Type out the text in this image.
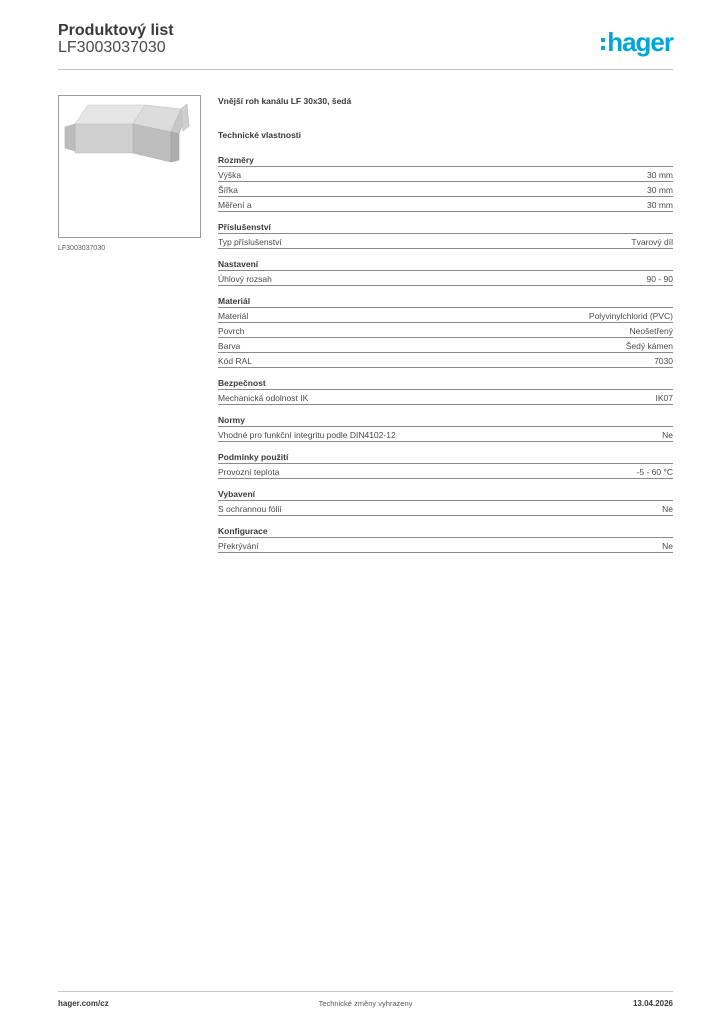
Produktový list
LF3003037030	hager
LF3003037030
Vnější roh kanálu LF 30x30, šedá
Technické vlastnosti
Rozměry
Výška	30 mm
Šířka	30 mm
Měření a	30 mm
Příslušenství
Typ příslušenství	Tvarový díl
Nastavení
Úhlový rozsah	90 - 90
Materiál
Materiál	Polyvinylchlorid (PVC)
Povrch	Neošetřený
Barva	Šedý kámen
Kód RAL	7030
Bezpečnost
Mechanická odolnost IK	IK07
Normy
Vhodné pro funkční integritu podle DIN4102-12	Ne
Podmínky použití
Provozní teplota	-5 - 60 °C
Vybavení
S ochrannou fólií	Ne
Konfigurace
Překrývání	Ne
hager.com/cz	Technické změny vyhrazeny	13.04.2026
